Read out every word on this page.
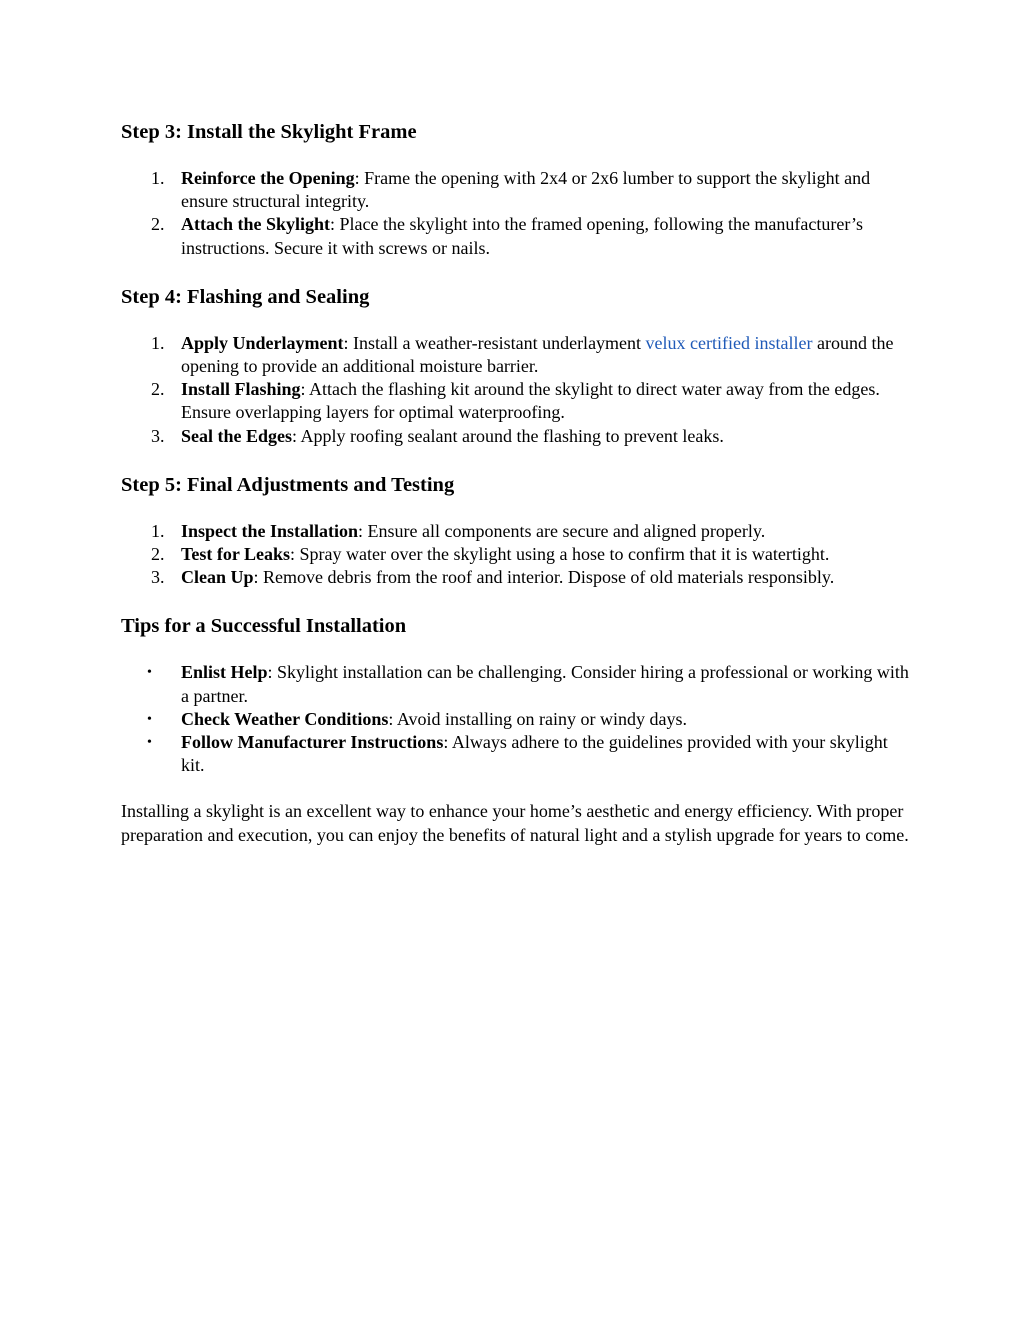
Step 3: Install the Skylight Frame
1. Reinforce the Opening: Frame the opening with 2x4 or 2x6 lumber to support the skylight and ensure structural integrity.
2. Attach the Skylight: Place the skylight into the framed opening, following the manufacturer’s instructions. Secure it with screws or nails.
Step 4: Flashing and Sealing
1. Apply Underlayment: Install a weather-resistant underlayment velux certified installer around the opening to provide an additional moisture barrier.
2. Install Flashing: Attach the flashing kit around the skylight to direct water away from the edges. Ensure overlapping layers for optimal waterproofing.
3. Seal the Edges: Apply roofing sealant around the flashing to prevent leaks.
Step 5: Final Adjustments and Testing
1. Inspect the Installation: Ensure all components are secure and aligned properly.
2. Test for Leaks: Spray water over the skylight using a hose to confirm that it is watertight.
3. Clean Up: Remove debris from the roof and interior. Dispose of old materials responsibly.
Tips for a Successful Installation
• Enlist Help: Skylight installation can be challenging. Consider hiring a professional or working with a partner.
• Check Weather Conditions: Avoid installing on rainy or windy days.
• Follow Manufacturer Instructions: Always adhere to the guidelines provided with your skylight kit.

Installing a skylight is an excellent way to enhance your home’s aesthetic and energy efficiency. With proper preparation and execution, you can enjoy the benefits of natural light and a stylish upgrade for years to come.
